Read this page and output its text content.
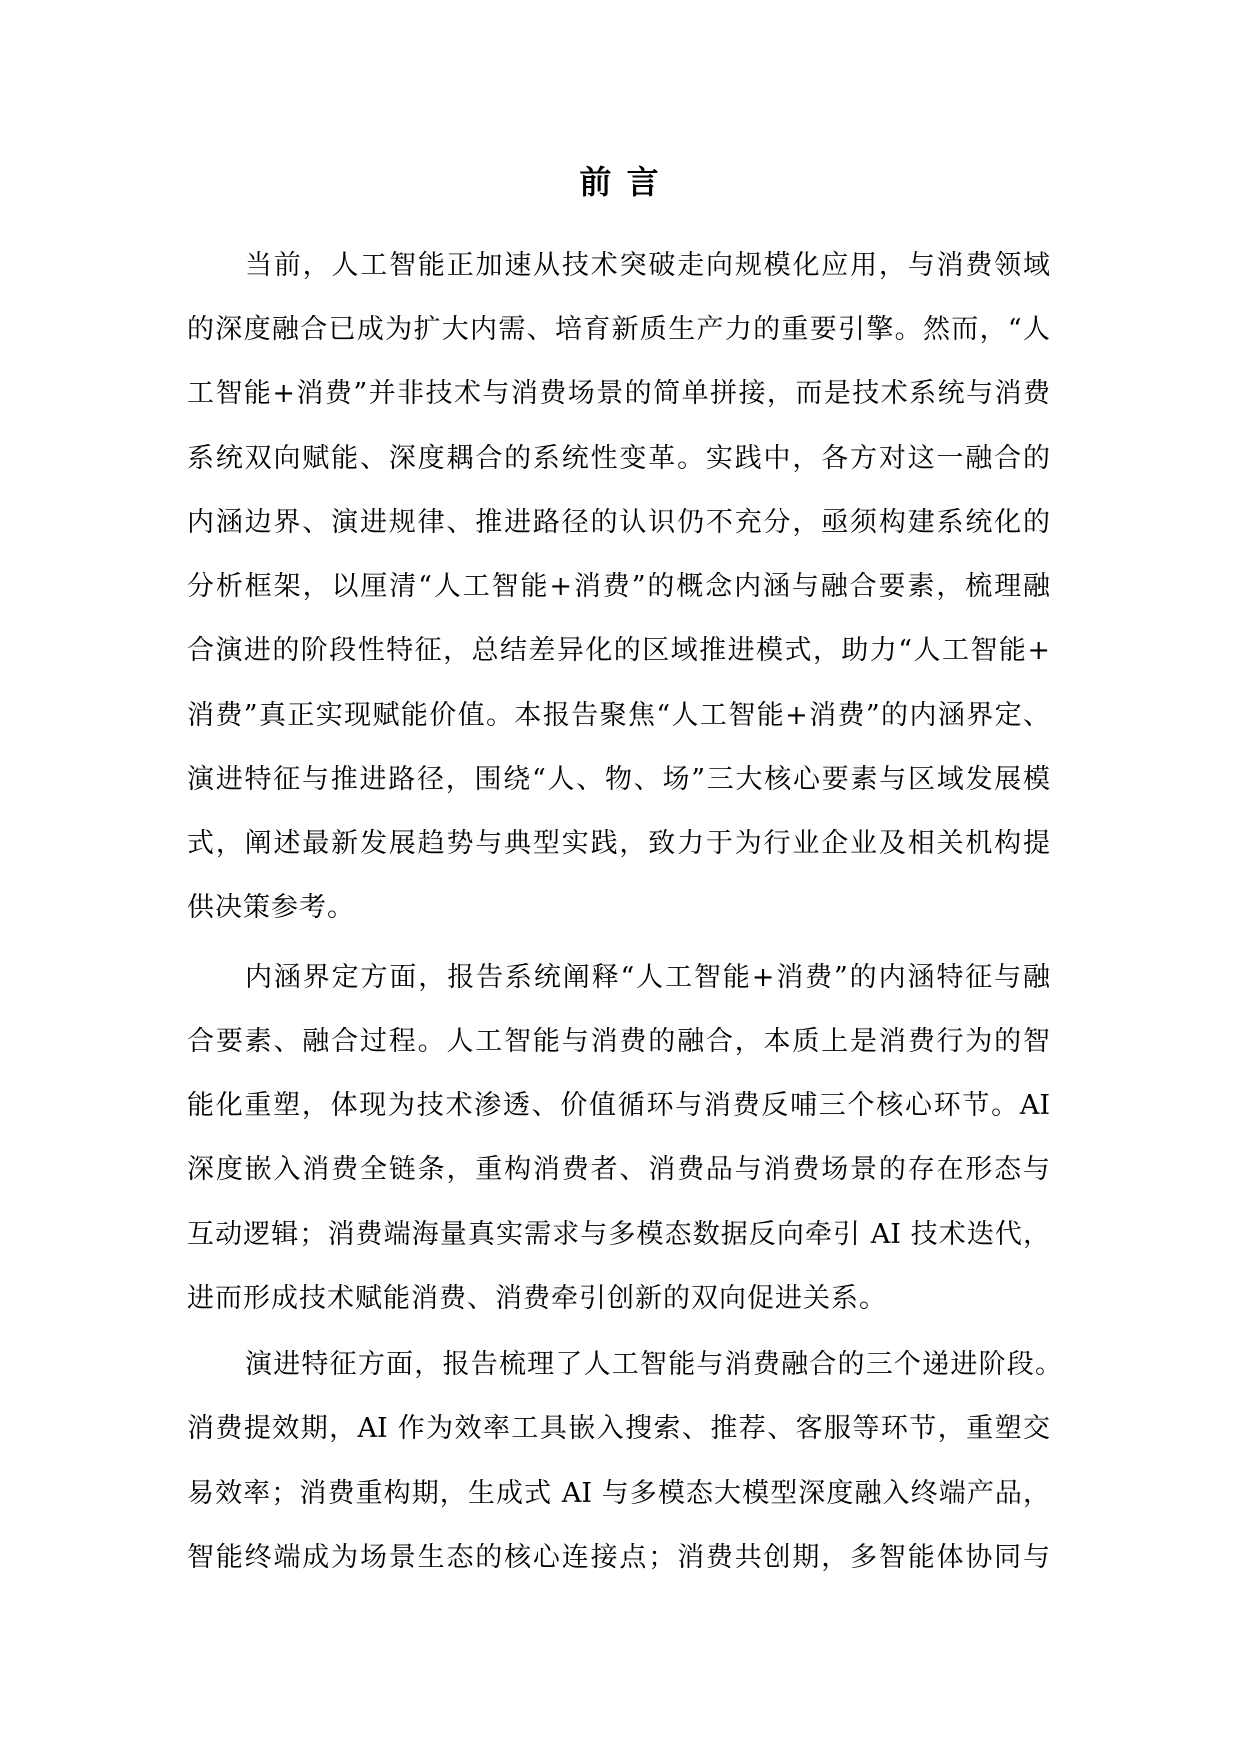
前 言
当前，人工智能正加速从技术突破走向规模化应用，与消费领域
的深度融合已成为扩大内需、培育新质生产力的重要引擎。然而，“人
工智能+消费”并非技术与消费场景的简单拼接，而是技术系统与消费
系统双向赋能、深度耦合的系统性变革。实践中，各方对这一融合的
内涵边界、演进规律、推进路径的认识仍不充分，亟须构建系统化的
分析框架，以厘清“人工智能+消费”的概念内涵与融合要素，梳理融
合演进的阶段性特征，总结差异化的区域推进模式，助力“人工智能+
消费”真正实现赋能价值。本报告聚焦“人工智能+消费”的内涵界定、
演进特征与推进路径，围绕“人、物、场”三大核心要素与区域发展模
式，阐述最新发展趋势与典型实践，致力于为行业企业及相关机构提
供决策参考。
内涵界定方面，报告系统阐释“人工智能+消费”的内涵特征与融
合要素、融合过程。人工智能与消费的融合，本质上是消费行为的智
能化重塑，体现为技术渗透、价值循环与消费反哺三个核心环节。AI
深度嵌入消费全链条，重构消费者、消费品与消费场景的存在形态与
互动逻辑；消费端海量真实需求与多模态数据反向牵引 AI 技术迭代，
进而形成技术赋能消费、消费牵引创新的双向促进关系。
演进特征方面，报告梳理了人工智能与消费融合的三个递进阶段。
消费提效期，AI 作为效率工具嵌入搜索、推荐、客服等环节，重塑交
易效率；消费重构期，生成式 AI 与多模态大模型深度融入终端产品，
智能终端成为场景生态的核心连接点；消费共创期，多智能体协同与
